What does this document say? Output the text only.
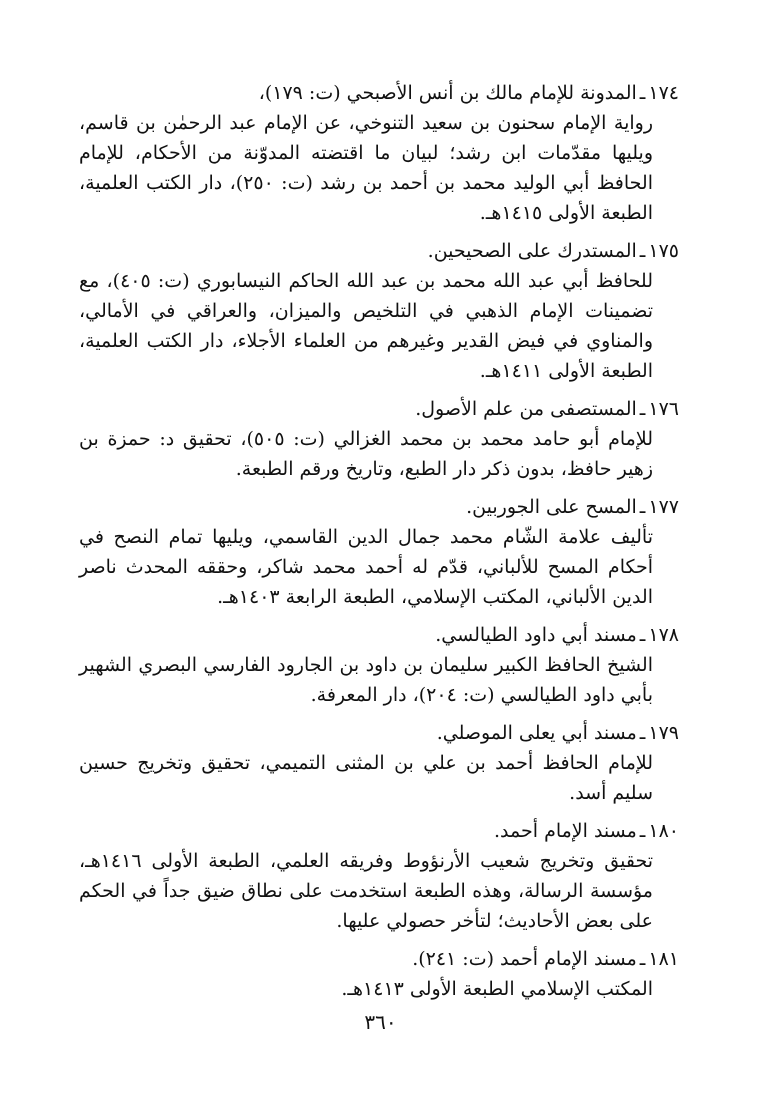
١٧٤ـالمدونة للإمام مالك بن أنس الأصبحي (ت: ١٧٩)،
رواية الإمام سحنون بن سعيد التنوخي، عن الإمام عبد الرحمٰن بن قاسم، ويليها مقدّمات ابن رشد؛ لبيان ما اقتضته المدوّنة من الأحكام، للإمام الحافظ أبي الوليد محمد بن أحمد بن رشد (ت: ٢٥٠)، دار الكتب العلمية، الطبعة الأولى ١٤١٥هـ.
١٧٥ـالمستدرك على الصحيحين.
للحافظ أبي عبد الله محمد بن عبد الله الحاكم النيسابوري (ت: ٤٠٥)، مع تضمينات الإمام الذهبي في التلخيص والميزان، والعراقي في الأمالي، والمناوي في فيض القدير وغيرهم من العلماء الأجلاء، دار الكتب العلمية، الطبعة الأولى ١٤١١هـ.
١٧٦ـالمستصفى من علم الأصول.
للإمام أبو حامد محمد بن محمد الغزالي (ت: ٥٠٥)، تحقيق د: حمزة بن زهير حافظ، بدون ذكر دار الطبع، وتاريخ ورقم الطبعة.
١٧٧ـالمسح على الجوربين.
تأليف علامة الشّام محمد جمال الدين القاسمي، ويليها تمام النصح في أحكام المسح للألباني، قدّم له أحمد محمد شاكر، وحققه المحدث ناصر الدين الألباني، المكتب الإسلامي، الطبعة الرابعة ١٤٠٣هـ.
١٧٨ـمسند أبي داود الطيالسي.
الشيخ الحافظ الكبير سليمان بن داود بن الجارود الفارسي البصري الشهير بأبي داود الطيالسي (ت: ٢٠٤)، دار المعرفة.
١٧٩ـمسند أبي يعلى الموصلي.
للإمام الحافظ أحمد بن علي بن المثنى التميمي، تحقيق وتخريج حسين سليم أسد.
١٨٠ـمسند الإمام أحمد.
تحقيق وتخريج شعيب الأرنؤوط وفريقه العلمي، الطبعة الأولى ١٤١٦هـ، مؤسسة الرسالة، وهذه الطبعة استخدمت على نطاق ضيق جداً في الحكم على بعض الأحاديث؛ لتأخر حصولي عليها.
١٨١ـمسند الإمام أحمد (ت: ٢٤١).
المكتب الإسلامي الطبعة الأولى ١٤١٣هـ.
٣٦٠
